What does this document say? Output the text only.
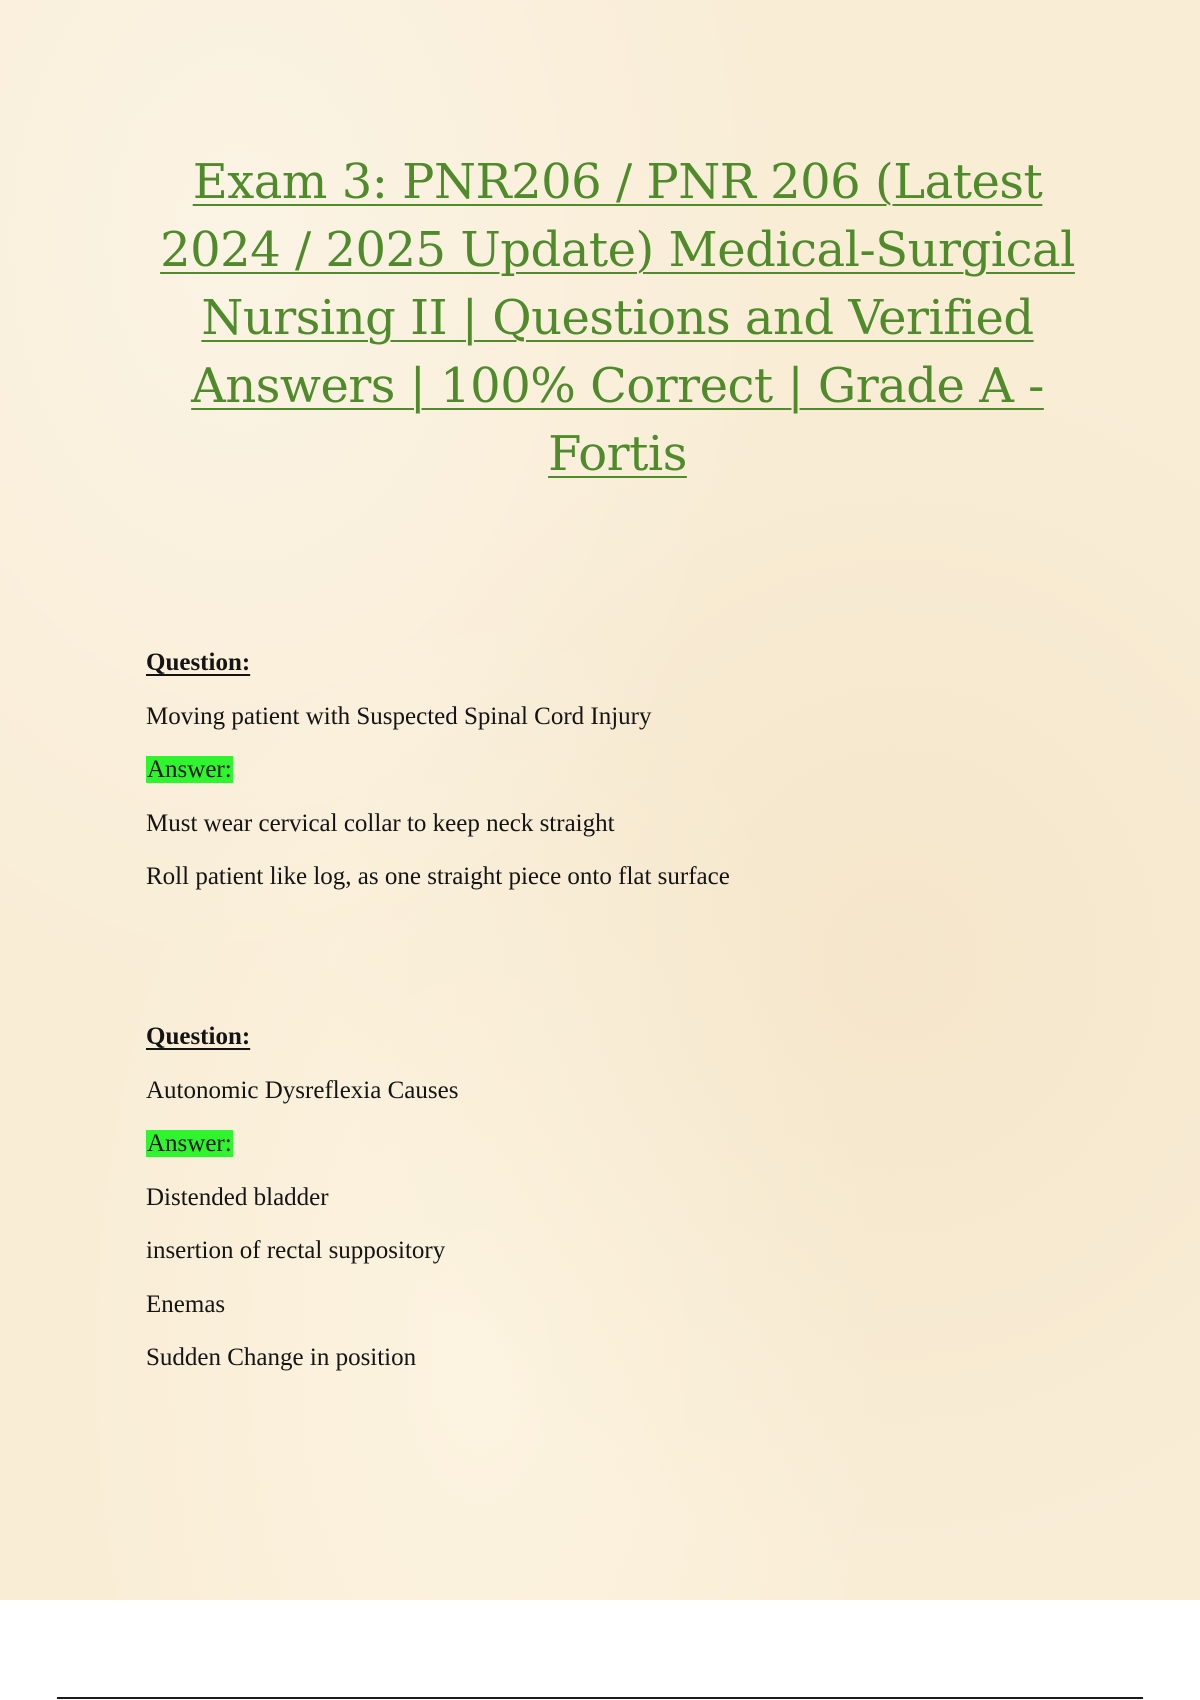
Exam 3: PNR206 / PNR 206 (Latest 2024 / 2025 Update) Medical-Surgical Nursing II | Questions and Verified Answers | 100% Correct | Grade A - Fortis
Question:
Moving patient with Suspected Spinal Cord Injury
Answer:
Must wear cervical collar to keep neck straight
Roll patient like log, as one straight piece onto flat surface
Question:
Autonomic Dysreflexia Causes
Answer:
Distended bladder
insertion of rectal suppository
Enemas
Sudden Change in position
